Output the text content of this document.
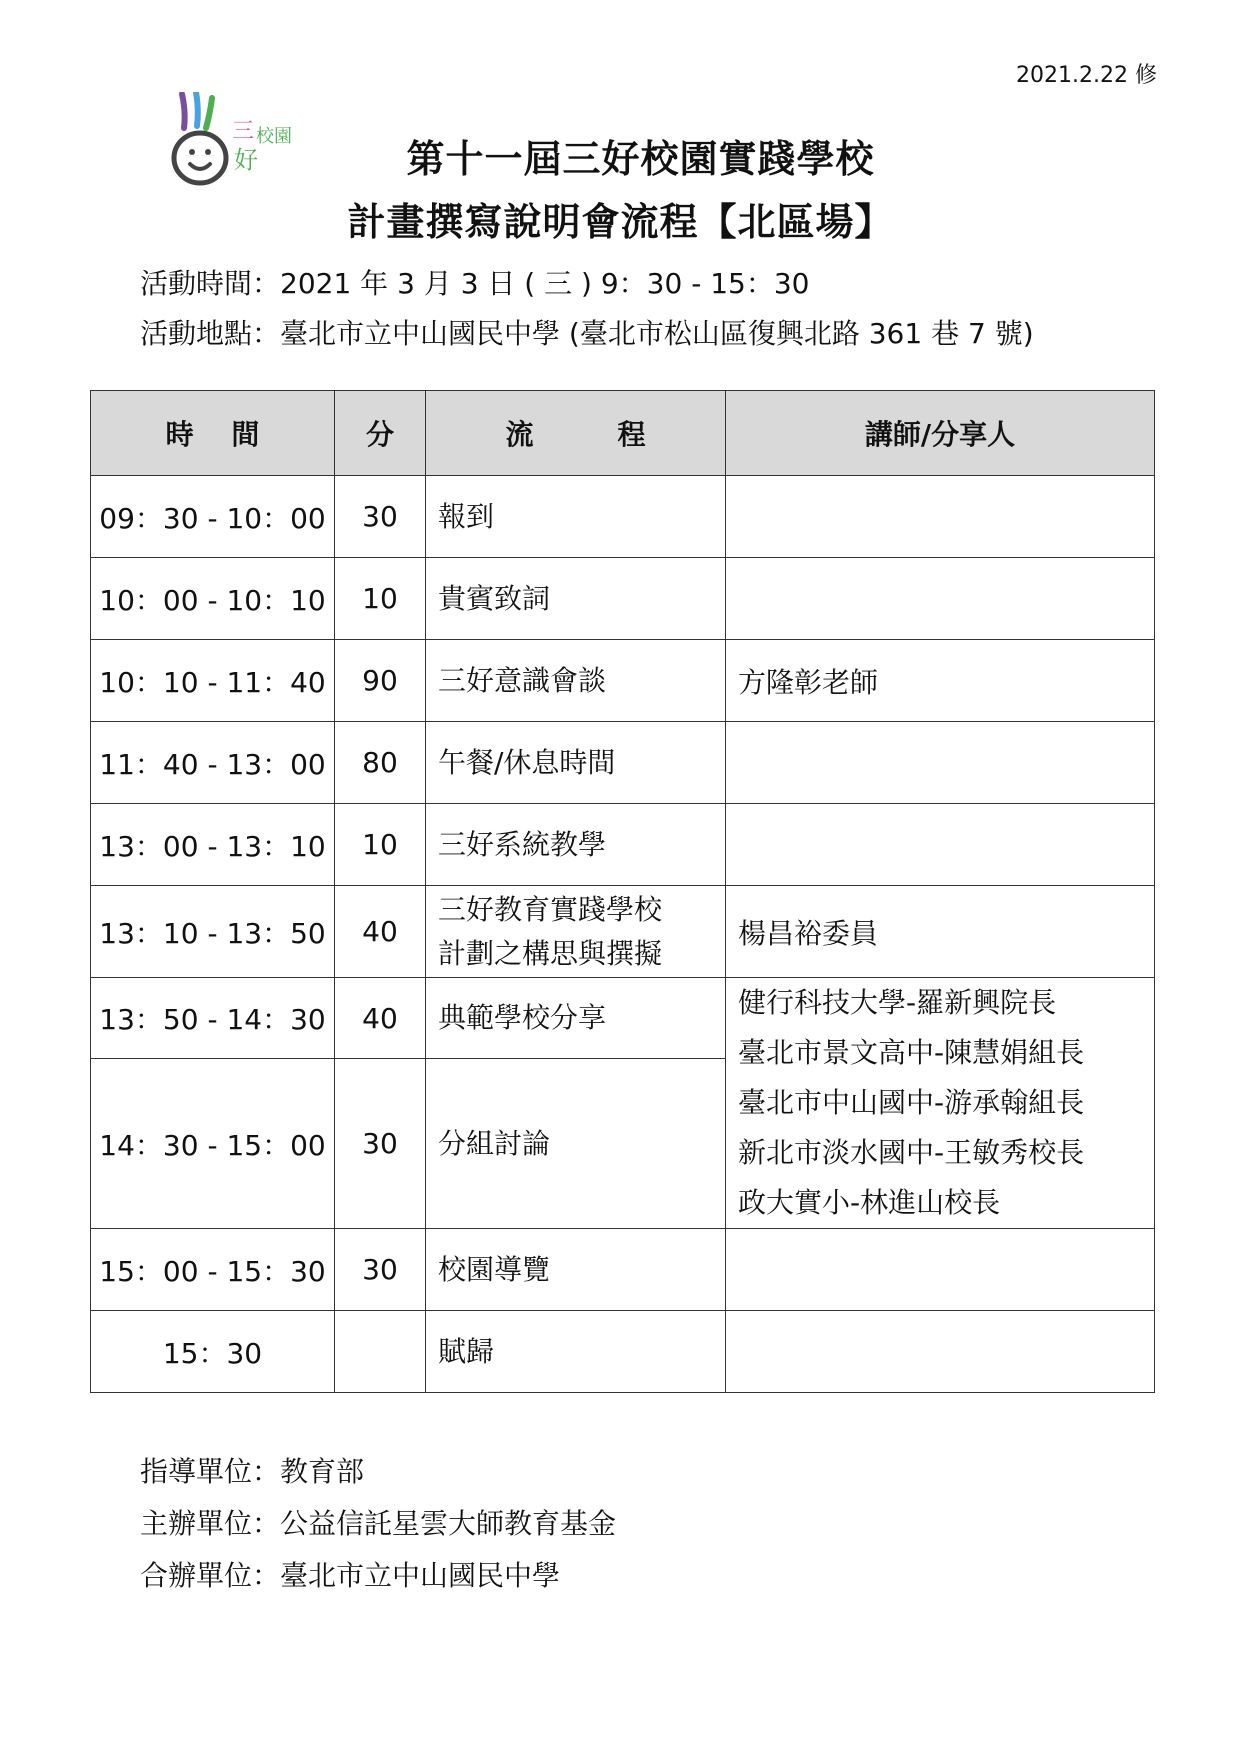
2021.2.22 修
三 校園
好	第十一屆三好校園實踐學校
計畫撰寫說明會流程【北區場】
活動時間：2021 年 3 月 3 日 ( 三 ) 9：30 - 15：30
活動地點：臺北市立中山國民中學 (臺北市松山區復興北路 361 巷 7 號)
時　 間	分	流　　　程	講師/分享人
09：30 - 10：00	30	報到	
10：00 - 10：10	10	貴賓致詞	
10：10 - 11：40	90	三好意識會談	方隆彰老師
11：40 - 13：00	80	午餐/休息時間	
13：00 - 13：10	10	三好系統教學	
13：10 - 13：50	40	三好教育實踐學校
計劃之構思與撰擬	楊昌裕委員
13：50 - 14：30	40	典範學校分享	健行科技大學-羅新興院長
臺北市景文高中-陳慧娟組長
臺北市中山國中-游承翰組長
新北市淡水國中-王敏秀校長
政大實小-林進山校長

14：30 - 15：00	30	分組討論	
15：00 - 15：30	30	校園導覽	
15：30		賦歸	
指導單位：教育部
主辦單位：公益信託星雲大師教育基金
合辦單位：臺北市立中山國民中學
